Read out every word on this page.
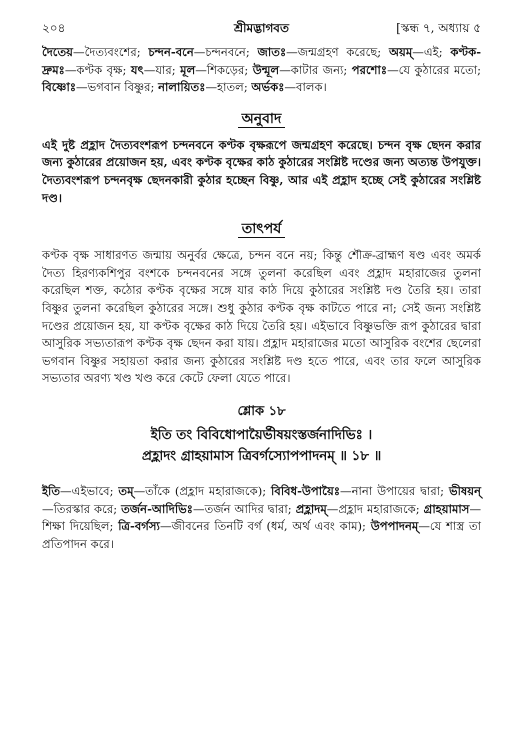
২০৪	শ্রীমদ্ভাগবত	[স্কন্ধ ৭, অধ্যায় ৫

দৈতেয়—দৈত্যবংশের; চন্দন-বনে—চন্দনবনে; জাতঃ—জন্মগ্রহণ করেছে; অয়ম্—এই; কণ্টক-দ্রুমঃ—কণ্টক বৃক্ষ; যৎ—যার; মূল—শিকড়ের; উন্মূল—কাটার জন্য; পরশোঃ—যে কুঠারের মতো; বিষ্ণোঃ—ভগবান বিষ্ণুর; নালায়িতঃ—হাতল; অর্ভকঃ—বালক।

অনুবাদ

এই দুষ্ট প্রহ্লাদ দৈত্যবংশরূপ চন্দনবনে কণ্টক বৃক্ষরূপে জন্মগ্রহণ করেছে। চন্দন বৃক্ষ ছেদন করার জন্য কুঠারের প্রয়োজন হয়, এবং কণ্টক বৃক্ষের কাঠ কুঠারের সংশ্লিষ্ট দণ্ডের জন্য অত্যন্ত উপযুক্ত। দৈত্যবংশরূপ চন্দনবৃক্ষ ছেদনকারী কুঠার হচ্ছেন বিষ্ণু, আর এই প্রহ্লাদ হচ্ছে সেই কুঠারের সংশ্লিষ্ট দণ্ড।

তাৎপর্য

কণ্টক বৃক্ষ সাধারণত জন্মায় অনুর্বর ক্ষেত্রে, চন্দন বনে নয়; কিন্তু শৌক্র-ব্রাহ্মণ ষণ্ড এবং অমর্ক দৈত্য হিরণ্যকশিপুর বংশকে চন্দনবনের সঙ্গে তুলনা করেছিল এবং প্রহ্লাদ মহারাজের তুলনা করেছিল শক্ত, কঠোর কণ্টক বৃক্ষের সঙ্গে যার কাঠ দিয়ে কুঠারের সংশ্লিষ্ট দণ্ড তৈরি হয়। তারা বিষ্ণুর তুলনা করেছিল কুঠারের সঙ্গে। শুধু কুঠার কণ্টক বৃক্ষ কাটতে পারে না; সেই জন্য সংশ্লিষ্ট দণ্ডের প্রয়োজন হয়, যা কণ্টক বৃক্ষের কাঠ দিয়ে তৈরি হয়। এইভাবে বিষ্ণুভক্তি রূপ কুঠারের দ্বারা আসুরিক সভ্যতারূপ কণ্টক বৃক্ষ ছেদন করা যায়। প্রহ্লাদ মহারাজের মতো আসুরিক বংশের ছেলেরা ভগবান বিষ্ণুর সহায়তা করার জন্য কুঠারের সংশ্লিষ্ট দণ্ড হতে পারে, এবং তার ফলে আসুরিক সভ্যতার অরণ্য খণ্ড খণ্ড করে কেটে ফেলা যেতে পারে।

শ্লোক ১৮

ইতি তং বিবিধোপায়ৈর্ভীষয়ংস্তর্জনাদিভিঃ ।

প্রহ্লাদং গ্রাহয়ামাস ত্রিবর্গস্যোপপাদনম্ ॥ ১৮ ॥

ইতি—এইভাবে; তম্—তাঁকে (প্রহ্লাদ মহারাজকে); বিবিধ-উপায়ৈঃ—নানা উপায়ের দ্বারা; ভীষয়ন্—তিরস্কার করে; তর্জন-আদিভিঃ—তর্জন আদির দ্বারা; প্রহ্লাদম্—প্রহ্লাদ মহারাজকে; গ্রাহয়ামাস—শিক্ষা দিয়েছিল; ত্রি-বর্গস্য—জীবনের তিনটি বর্গ (ধর্ম, অর্থ এবং কাম); উপপাদনম্—যে শাস্ত্র তা প্রতিপাদন করে।
